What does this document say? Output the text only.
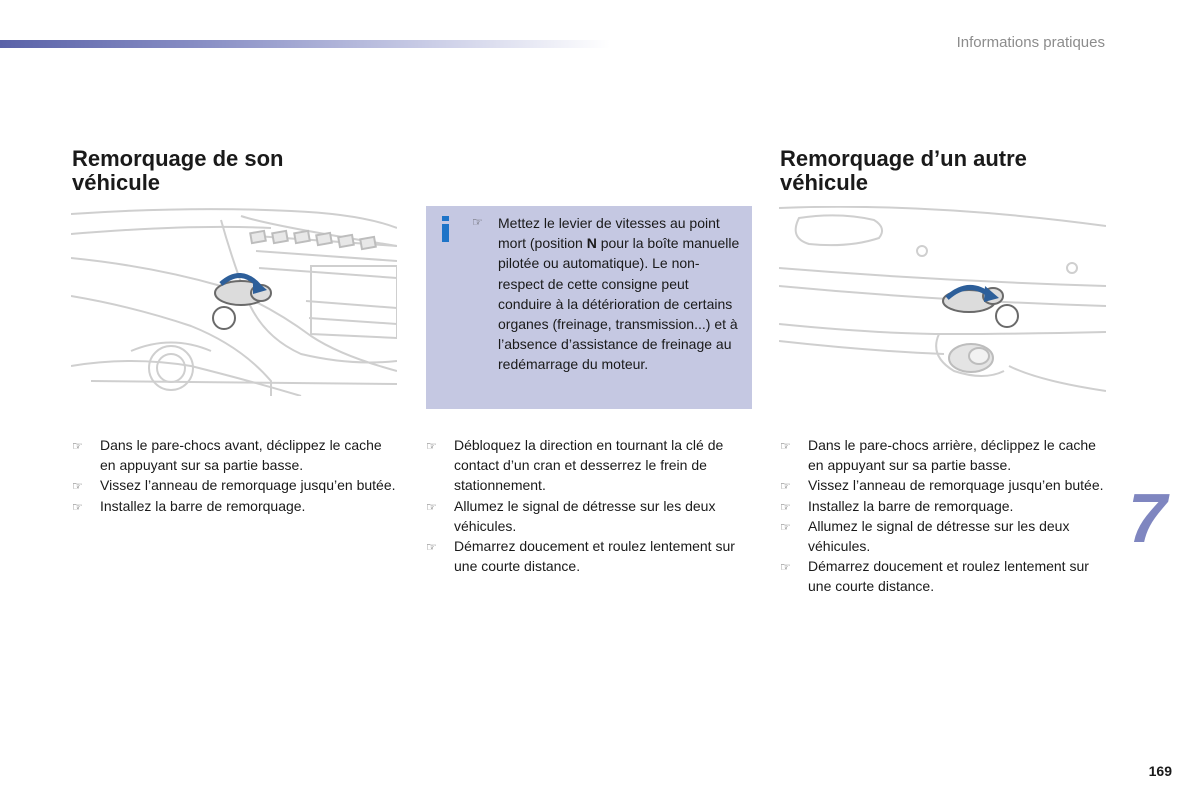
Informations pratiques
Remorquage de son
véhicule
☞ Mettez le levier de vitesses au point mort (position N pour la boîte manuelle pilotée ou automatique). Le non-respect de cette consigne peut conduire à la détérioration de certains organes (freinage, transmission...) et à l’absence d’assistance de freinage au redémarrage du moteur.
Remorquage d’un autre
véhicule
☞ Dans le pare-chocs avant, déclippez le cache en appuyant sur sa partie basse.
☞ Vissez l’anneau de remorquage jusqu’en butée.
☞ Installez la barre de remorquage.
☞ Débloquez la direction en tournant la clé de contact d’un cran et desserrez le frein de stationnement.
☞ Allumez le signal de détresse sur les deux véhicules.
☞ Démarrez doucement et roulez lentement sur une courte distance.
☞ Dans le pare-chocs arrière, déclippez le cache en appuyant sur sa partie basse.
☞ Vissez l’anneau de remorquage jusqu’en butée.
☞ Installez la barre de remorquage.
☞ Allumez le signal de détresse sur les deux véhicules.
☞ Démarrez doucement et roulez lentement sur une courte distance.
7
169
